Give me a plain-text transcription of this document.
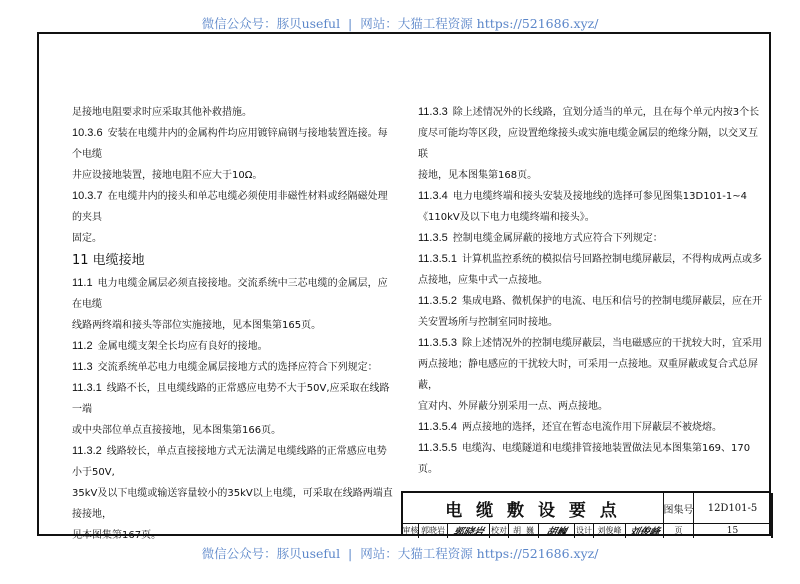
微信公众号：豚贝useful  |  网站：大猫工程资源 https://521686.xyz/
足接地电阻要求时应采取其他补救措施。
10.3.6 安装在电缆井内的金属构件均应用镀锌扁钢与接地装置连接。每个电缆
井应设接地装置，接地电阻不应大于10Ω。
10.3.7 在电缆井内的接头和单芯电缆必须使用非磁性材料或经隔磁处理的夹具
固定。
11 电缆接地
11.1 电力电缆金属层必须直接接地。交流系统中三芯电缆的金属层，应在电缆
线路两终端和接头等部位实施接地，见本图集第165页。
11.2 金属电缆支架全长均应有良好的接地。
11.3 交流系统单芯电力电缆金属层接地方式的选择应符合下列规定：
11.3.1 线路不长，且电缆线路的正常感应电势不大于50V,应采取在线路一端
或中央部位单点直接接地，见本图集第166页。
11.3.2 线路较长，单点直接接地方式无法满足电缆线路的正常感应电势小于50V,
35kV及以下电缆或输送容量较小的35kV以上电缆，可采取在线路两端直接接地，
见本图集第167页。
11.3.3 除上述情况外的长线路，宜划分适当的单元，且在每个单元内按3个长
度尽可能均等区段，应设置绝缘接头或实施电缆金属层的绝缘分隔，以交叉互联
接地，见本图集第168页。
11.3.4 电力电缆终端和接头安装及接地线的选择可参见图集13D101-1~4
《110kV及以下电力电缆终端和接头》。
11.3.5 控制电缆金属屏蔽的接地方式应符合下列规定：
11.3.5.1 计算机监控系统的模拟信号回路控制电缆屏蔽层，不得构成两点或多
点接地，应集中式一点接地。
11.3.5.2 集成电路、微机保护的电流、电压和信号的控制电缆屏蔽层，应在开
关安置场所与控制室同时接地。
11.3.5.3 除上述情况外的控制电缆屏蔽层，当电磁感应的干扰较大时，宜采用
两点接地；静电感应的干扰较大时，可采用一点接地。双重屏蔽或复合式总屏蔽，
宜对内、外屏蔽分别采用一点、两点接地。
11.3.5.4 两点接地的选择，还宜在暂态电流作用下屏蔽层不被烧熔。
11.3.5.5 电缆沟、电缆隧道和电缆排管接地装置做法见本图集第169、170页。
电 缆 敷 设 要 点	图集号	12D101-5
审核 郭晓岩 郭晓岩 校对 胡  巍	胡巍 设计 刘俊峰 刘俊峰	页	15
微信公众号：豚贝useful  |  网站：大猫工程资源 https://521686.xyz/
